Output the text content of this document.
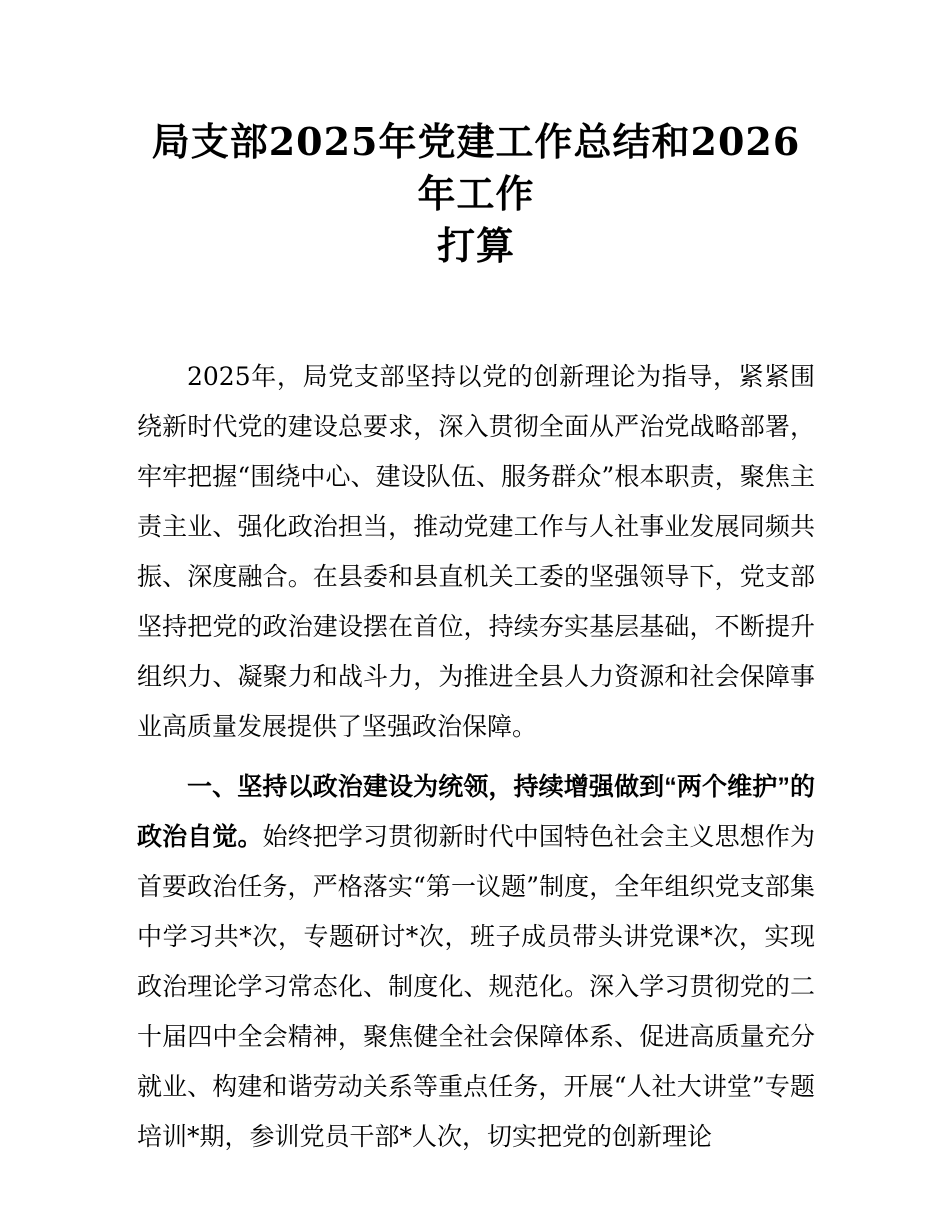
局支部2025年党建工作总结和2026年工作
打算

2025年，局党支部坚持以党的创新理论为指导，紧紧围绕新时代党的建设总要求，深入贯彻全面从严治党战略部署，牢牢把握“围绕中心、建设队伍、服务群众”根本职责，聚焦主责主业、强化政治担当，推动党建工作与人社事业发展同频共振、深度融合。在县委和县直机关工委的坚强领导下，党支部坚持把党的政治建设摆在首位，持续夯实基层基础，不断提升组织力、凝聚力和战斗力，为推进全县人力资源和社会保障事业高质量发展提供了坚强政治保障。

一、坚持以政治建设为统领，持续增强做到“两个维护”的政治自觉。始终把学习贯彻新时代中国特色社会主义思想作为首要政治任务，严格落实“第一议题”制度，全年组织党支部集中学习共*次，专题研讨*次，班子成员带头讲党课*次，实现政治理论学习常态化、制度化、规范化。深入学习贯彻党的二十届四中全会精神，聚焦健全社会保障体系、促进高质量充分就业、构建和谐劳动关系等重点任务，开展“人社大讲堂”专题培训*期，参训党员干部*人次，切实把党的创新理论
